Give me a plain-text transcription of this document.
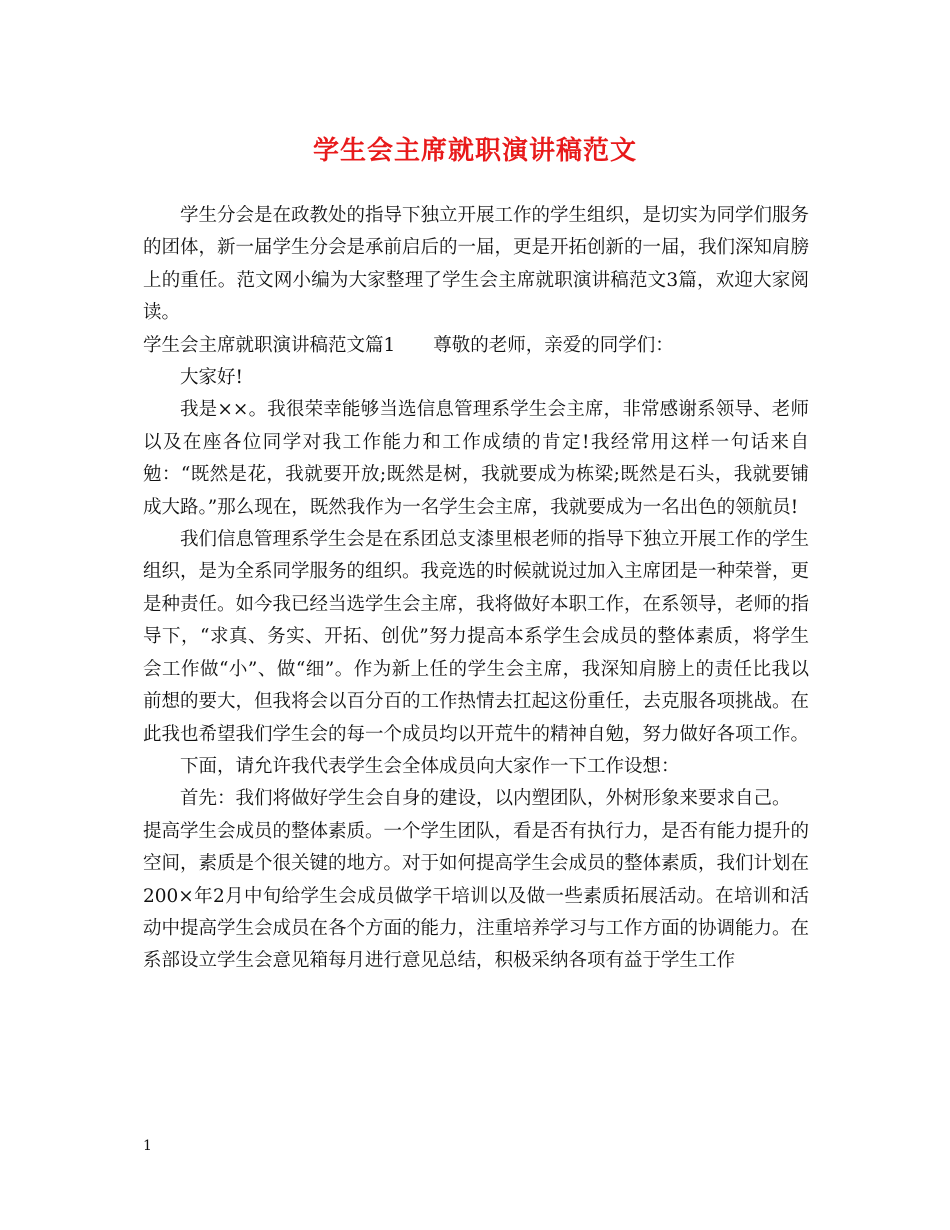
学生会主席就职演讲稿范文

学生分会是在政教处的指导下独立开展工作的学生组织，是切实为同学们服务的团体，新一届学生分会是承前启后的一届，更是开拓创新的一届，我们深知肩膀上的重任。范文网小编为大家整理了学生会主席就职演讲稿范文3篇，欢迎大家阅读。

学生会主席就职演讲稿范文篇1 尊敬的老师，亲爱的同学们：

大家好!

我是××。我很荣幸能够当选信息管理系学生会主席，非常感谢系领导、老师以及在座各位同学对我工作能力和工作成绩的肯定!我经常用这样一句话来自勉：“既然是花，我就要开放;既然是树，我就要成为栋梁;既然是石头，我就要铺成大路。”那么现在，既然我作为一名学生会主席，我就要成为一名出色的领航员!

我们信息管理系学生会是在系团总支漆里根老师的指导下独立开展工作的学生组织，是为全系同学服务的组织。我竞选的时候就说过加入主席团是一种荣誉，更是种责任。如今我已经当选学生会主席，我将做好本职工作，在系领导，老师的指导下，“求真、务实、开拓、创优”努力提高本系学生会成员的整体素质，将学生会工作做“小”、做“细”。作为新上任的学生会主席，我深知肩膀上的责任比我以前想的要大，但我将会以百分百的工作热情去扛起这份重任，去克服各项挑战。在此我也希望我们学生会的每一个成员均以开荒牛的精神自勉，努力做好各项工作。

下面，请允许我代表学生会全体成员向大家作一下工作设想：

首先：我们将做好学生会自身的建设，以内塑团队，外树形象来要求自己。

提高学生会成员的整体素质。一个学生团队，看是否有执行力，是否有能力提升的空间，素质是个很关键的地方。对于如何提高学生会成员的整体素质，我们计划在200×年2月中旬给学生会成员做学干培训以及做一些素质拓展活动。在培训和活动中提高学生会成员在各个方面的能力，注重培养学习与工作方面的协调能力。在系部设立学生会意见箱每月进行意见总结，积极采纳各项有益于学生工作

1
